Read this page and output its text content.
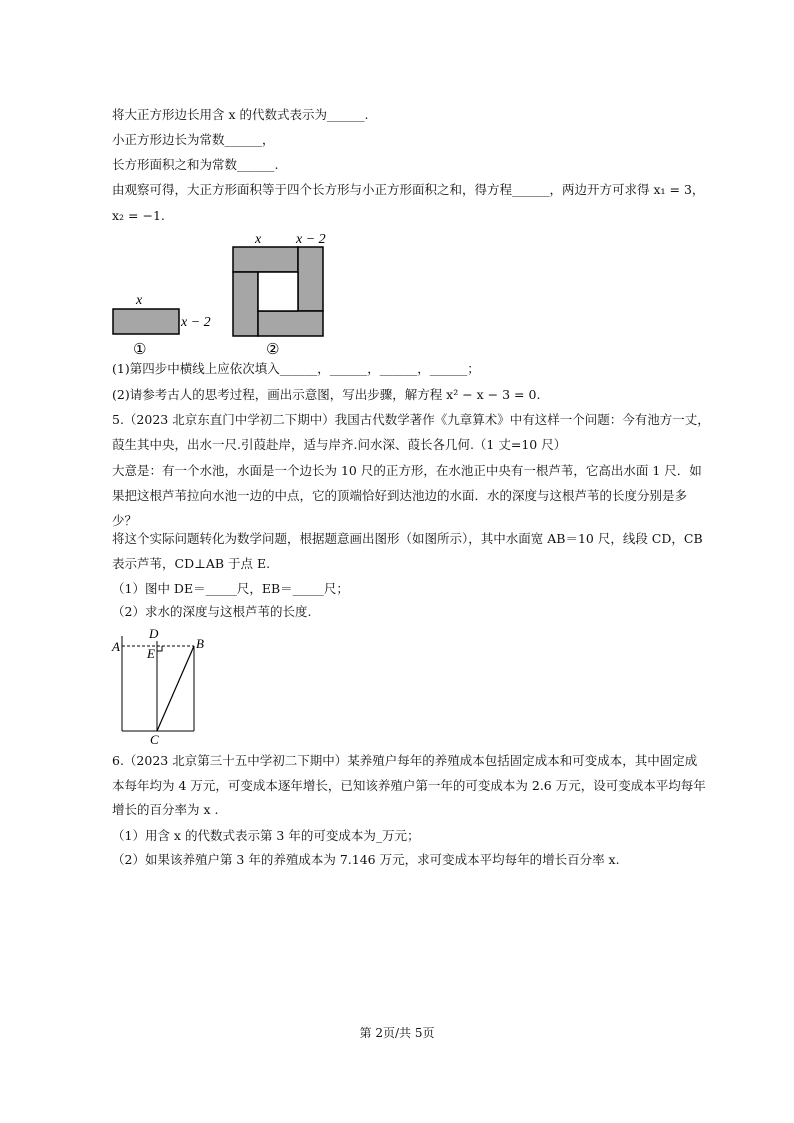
将大正方形边长用含 x 的代数式表示为______.
小正方形边长为常数______，
长方形面积之和为常数______.
由观察可得，大正方形面积等于四个长方形与小正方形面积之和，得方程______，两边开方可求得 x₁ = 3，
x₂ = −1.
x
x − 2
①
x x − 2
②
(1)第四步中横线上应依次填入______，______，______，______；
(2)请参考古人的思考过程，画出示意图，写出步骤，解方程 x² − x − 3 = 0.
5.（2023 北京东直门中学初二下期中）我国古代数学著作《九章算术》中有这样一个问题：今有池方一丈，
葭生其中央，出水一尺.引葭赴岸，适与岸齐.问水深、葭长各几何.（1 丈=10 尺）
大意是：有一个水池，水面是一个边长为 10 尺的正方形，在水池正中央有一根芦苇，它高出水面 1 尺．如
果把这根芦苇拉向水池一边的中点，它的顶端恰好到达池边的水面．水的深度与这根芦苇的长度分别是多
少？
将这个实际问题转化为数学问题，根据题意画出图形（如图所示），其中水面宽 AB＝10 尺，线段 CD，CB
表示芦苇，CD⊥AB 于点 E.
（1）图中 DE＝_____尺，EB＝_____尺；
（2）求水的深度与这根芦苇的长度.
A	B
C
D
E
6.（2023 北京第三十五中学初二下期中）某养殖户每年的养殖成本包括固定成本和可变成本，其中固定成
本每年均为 4 万元，可变成本逐年增长，已知该养殖户第一年的可变成本为 2.6 万元，设可变成本平均每年
增长的百分率为 x .
（1）用含 x 的代数式表示第 3 年的可变成本为_万元；
（2）如果该养殖户第 3 年的养殖成本为 7.146 万元，求可变成本平均每年的增长百分率 x.
第 2页/共 5页
